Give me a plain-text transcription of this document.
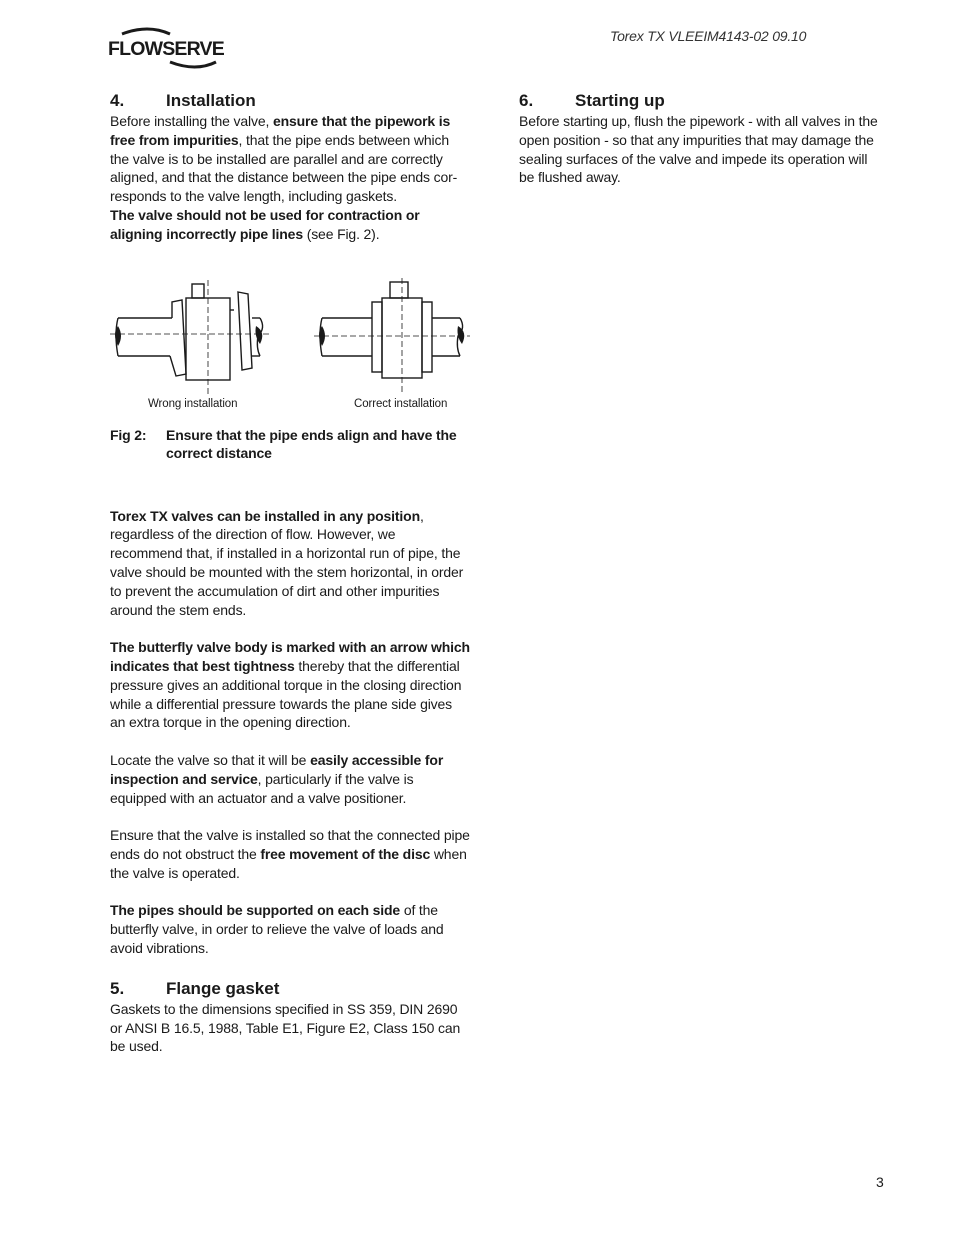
FLOWSERVE
Torex TX VLEEIM4143-02 09.10
4. Installation

Before installing the valve, ensure that the pipework is free from impurities, that the pipe ends between which the valve is to be installed are parallel and are correctly aligned, and that the distance between the pipe ends cor-responds to the valve length, including gaskets.

The valve should not be used for contraction or aligning incorrectly pipe lines (see Fig. 2).

Wrong installation	Correct installation
Fig 2:	Ensure that the pipe ends align and have the correct distance

Torex TX valves can be installed in any position, regardless of the direction of flow. However, we recommend that, if installed in a horizontal run of pipe, the valve should be mounted with the stem horizontal, in order to prevent the accumulation of dirt and other impurities around the stem ends.

The butterfly valve body is marked with an arrow which indicates that best tightness thereby that the differential pressure gives an additional torque in the closing direction while a differential pressure towards the plane side gives an extra torque in the opening direction.

Locate the valve so that it will be easily accessible for inspection and service, particularly if the valve is equipped with an actuator and a valve positioner.

Ensure that the valve is installed so that the connected pipe ends do not obstruct the free movement of the disc when the valve is operated.

The pipes should be supported on each side of the butterfly valve, in order to relieve the valve of loads and avoid vibrations.

5. Flange gasket

Gaskets to the dimensions specified in SS 359, DIN 2690 or ANSI B 16.5, 1988, Table E1, Figure E2, Class 150 can be used.

6. Starting up

Before starting up, flush the pipework - with all valves in the open position - so that any impurities that may damage the sealing surfaces of the valve and impede its operation will be flushed away.

3
